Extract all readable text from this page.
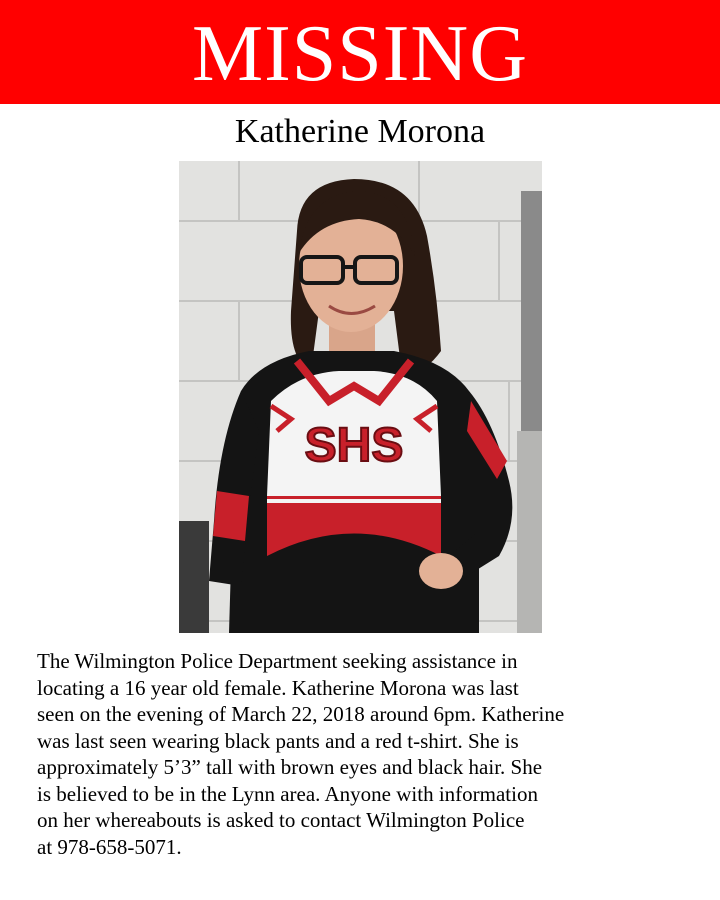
MISSING
Katherine Morona
SHS

The Wilmington Police Department seeking assistance in
locating a 16 year old female. Katherine Morona was last
seen on the evening of March 22, 2018 around 6pm. Katherine
was last seen wearing black pants and a red t-shirt. She is
approximately 5’3” tall with brown eyes and black hair. She
is believed to be in the Lynn area. Anyone with information
on her whereabouts is asked to contact Wilmington Police
at 978-658-5071.
